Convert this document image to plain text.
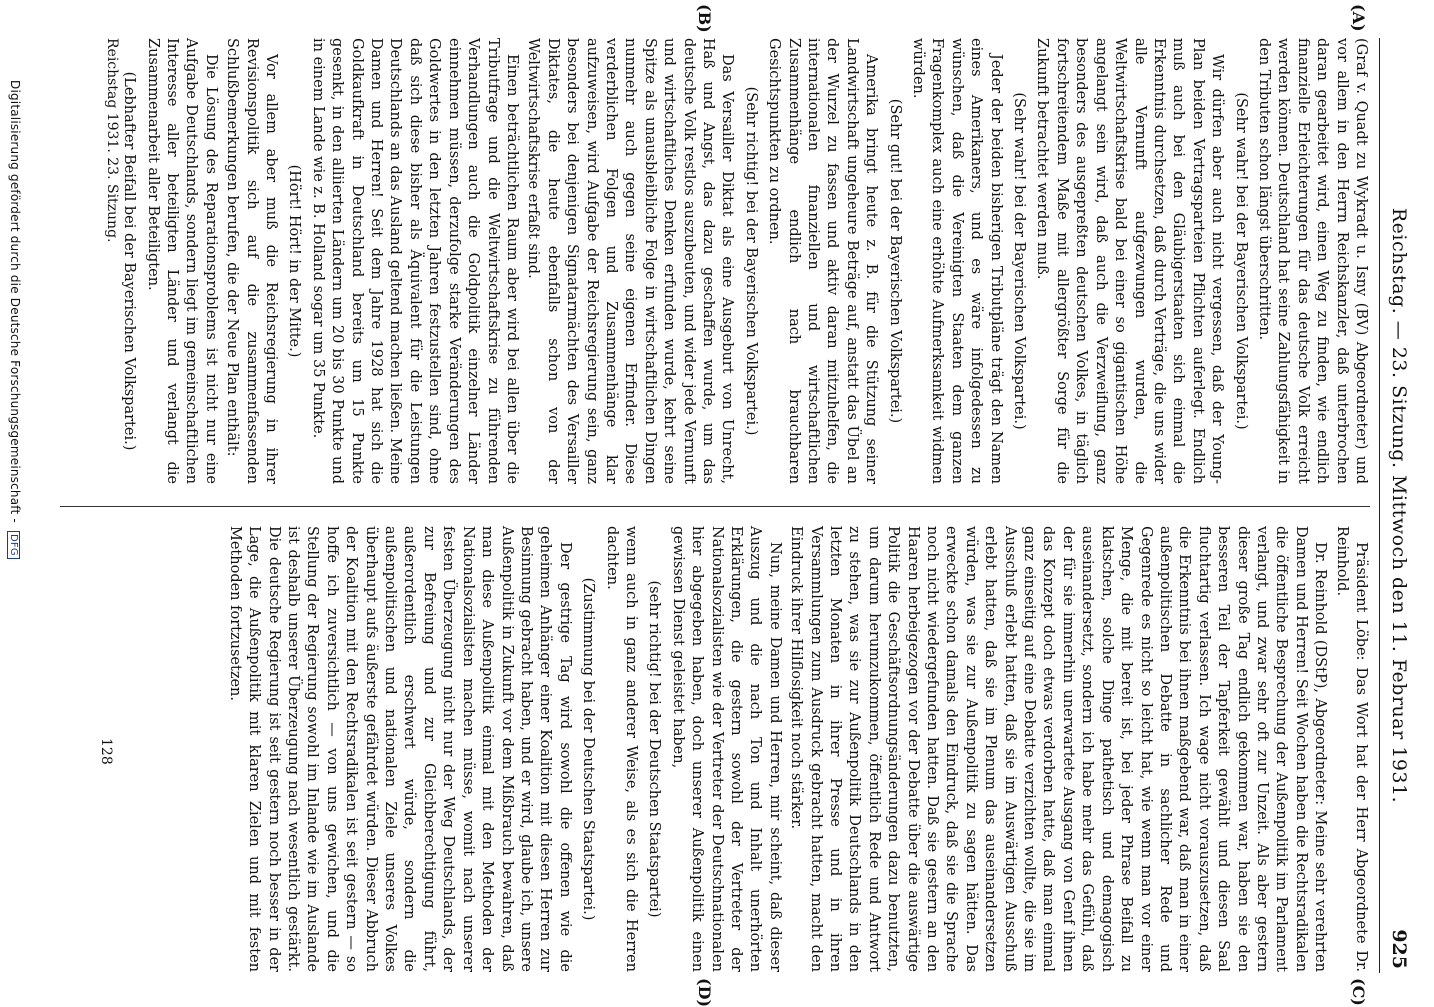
Reichstag. — 23. Sitzung. Mittwoch den 11. Februar 1931.
925
(A)
(B)
(C)
(D)

(Graf v. Quadt zu Wykradt u. Isny (BV) Abgeordneter) und vor allem in den Herrn Reichskanzler, daß unterbrochen daran gearbeitet wird, einen Weg zu finden, wie endlich finanzielle Erleichterungen für das deutsche Volk erreicht werden können. Deutschland hat seine Zahlungsfähigkeit in den Tributen schon längst überschritten.

(Sehr wahr! bei der Bayerischen Volkspartei.)

Wir dürfen aber auch nicht vergessen, daß der Young-Plan beiden Vertragsparteien Pflichten auferlegt. Endlich muß auch bei den Gläubigerstaaten sich einmal die Erkenntnis durchsetzen, daß durch Verträge, die uns wider alle Vernunft aufgezwungen wurden, die Weltwirtschaftskrise bald bei einer so gigantischen Höhe angelangt sein wird, daß auch die Verzweiflung, ganz besonders des ausgepreßten deutschen Volkes, in täglich fortschreitendem Maße mit allergrößter Sorge für die Zukunft betrachtet werden muß.

(Sehr wahr! bei der Bayerischen Volkspartei.)

Jeder der beiden bisherigen Tributpläne trägt den Namen eines Amerikaners, und es wäre infolgedessen zu wünschen, daß die Vereinigten Staaten dem ganzen Fragenkomplex auch eine erhöhte Aufmerksamkeit widmen würden.

(Sehr gut! bei der Bayerischen Volkspartei.)

Amerika bringt heute z. B. für die Stützung seiner Landwirtschaft ungeheure Beträge auf, anstatt das Übel an der Wurzel zu fassen und aktiv daran mitzuhelfen, die internationalen finanziellen und wirtschaftlichen Zusammenhänge endlich nach brauchbaren Gesichtspunkten zu ordnen.

(Sehr richtig! bei der Bayerischen Volkspartei.)

Das Versailler Diktat als eine Ausgeburt von Unrecht, Haß und Angst, das dazu geschaffen wurde, um das deutsche Volk restlos auszubeuten, und wider jede Vernunft und wirtschaftliches Denken erfunden wurde, kehrt seine Spitze als unausbleibliche Folge in wirtschaftlichen Dingen nunmehr auch gegen seine eigenen Erfinder. Diese verderblichen Folgen und Zusammenhänge klar aufzuweisen, wird Aufgabe der Reichsregierung sein, ganz besonders bei denjenigen Signatarmächten des Versailler Diktates, die heute ebenfalls schon von der Weltwirtschaftskrise erfaßt sind.

Einen beträchtlichen Raum aber wird bei allen über die Tributfrage und die Weltwirtschaftskrise zu führenden Verhandlungen auch die Goldpolitik einzelner Länder einnehmen müssen, derzufolge starke Veränderungen des Goldwertes in den letzten Jahren festzustellen sind, ohne daß sich diese bisher als Äquivalent für die Leistungen Deutschlands an das Ausland geltend machen ließen. Meine Damen und Herren! Seit dem Jahre 1928 hat sich die Goldkaufkraft in Deutschland bereits um 15 Punkte gesenkt, in den alliierten Ländern um 20 bis 30 Punkte und in einem Lande wie z. B. Holland sogar um 35 Punkte.

(Hört! Hört! in der Mitte.)

Vor allem aber muß die Reichsregierung in ihrer Revisionspolitik sich auf die zusammenfassenden Schlußbemerkungen berufen, die der Neue Plan enthält:

Die Lösung des Reparationsproblems ist nicht nur eine Aufgabe Deutschlands, sondern liegt im gemeinschaftlichen Interesse aller beteiligten Länder und verlangt die Zusammenarbeit aller Beteiligten.

(Lebhafter Beifall bei der Bayerischen Volkspartei.)

Präsident Löbe: Das Wort hat der Herr Abgeordnete Dr. Reinhold.

Dr. Reinhold (DStP), Abgeordneter: Meine sehr verehrten Damen und Herren! Seit Wochen haben die Rechtsradikalen die öffentliche Besprechung der Außenpolitik im Parlament verlangt, und zwar sehr oft zur Unzeit. Als aber gestern dieser große Tag endlich gekommen war, haben sie den besseren Teil der Tapferkeit gewählt und diesen Saal fluchtartig verlassen. Ich wage nicht vorauszusetzen, daß die Erkenntnis bei ihnen maßgebend war, daß man in einer außenpolitischen Debatte in sachlicher Rede und Gegenrede es nicht so leicht hat, wie wenn man vor einer Menge, die mit bereit ist, bei jeder Phrase Beifall zu klatschen, solche Dinge pathetisch und demagogisch auseinandersetzt, sondern ich habe mehr das Gefühl, daß der für sie immerhin unerwartete Ausgang von Genf ihnen das Konzept doch etwas verdorben hatte, daß man einmal ganz einseitig auf eine Debatte verzichten wollte, die sie im Ausschuß erlebt hatten, daß sie im Auswärtigen Ausschuß erlebt hatten, daß sie im Plenum das auseinandersetzen würden, was sie zur Außenpolitik zu sagen hätten. Das erweckte schon damals den Eindruck, daß sie die Sprache noch nicht wiedergefunden hatten. Daß sie gestern an den Haaren herbeigezogen vor der Debatte über die auswärtige Politik die Geschäftsordnungsänderungen dazu benutzten, um darum herumzukommen, öffentlich Rede und Antwort zu stehen, was sie zur Außenpolitik Deutschlands in den letzten Monaten in ihrer Presse und in ihren Versammlungen zum Ausdruck gebracht hatten, macht den Eindruck ihrer Hilflosigkeit noch stärker.

Nun, meine Damen und Herren, mir scheint, daß dieser Auszug und die nach Ton und Inhalt unerhörten Erklärungen, die gestern sowohl der Vertreter der Nationalsozialisten wie der Vertreter der Deutschnationalen hier abgegeben haben, doch unserer Außenpolitik einen gewissen Dienst geleistet haben,

(sehr richtig! bei der Deutschen Staatspartei)

wenn auch in ganz anderer Weise, als es sich die Herren dachten.

(Zustimmung bei der Deutschen Staatspartei.)

Der gestrige Tag wird sowohl die offenen wie die geheimen Anhänger einer Koalition mit diesen Herren zur Besinnung gebracht haben, und er wird, glaube ich, unsere Außenpolitik in Zukunft vor dem Mißbrauch bewahren, daß man diese Außenpolitik einmal mit den Methoden der Nationalsozialisten machen müsse, womit nach unserer festen Überzeugung nicht nur der Weg Deutschlands, der zur Befreiung und zur Gleichberechtigung führt, außerordentlich erschwert würde, sondern die außenpolitischen und nationalen Ziele unseres Volkes überhaupt aufs äußerste gefährdet würden. Dieser Abbruch der Koalition mit den Rechtsradikalen ist seit gestern — so hoffe ich zuversichtlich — von uns gewichen, und die Stellung der Regierung sowohl im Inlande wie im Auslande ist deshalb unserer Überzeugung nach wesentlich gestärkt. Die deutsche Regierung ist seit gestern noch besser in der Lage, die Außenpolitik mit klaren Zielen und mit festen Methoden fortzusetzen.

Reichstag 1931. 23. Sitzung.
128
Digitalisierung gefördert durch die Deutsche Forschungsgemeinschaft - DFG
